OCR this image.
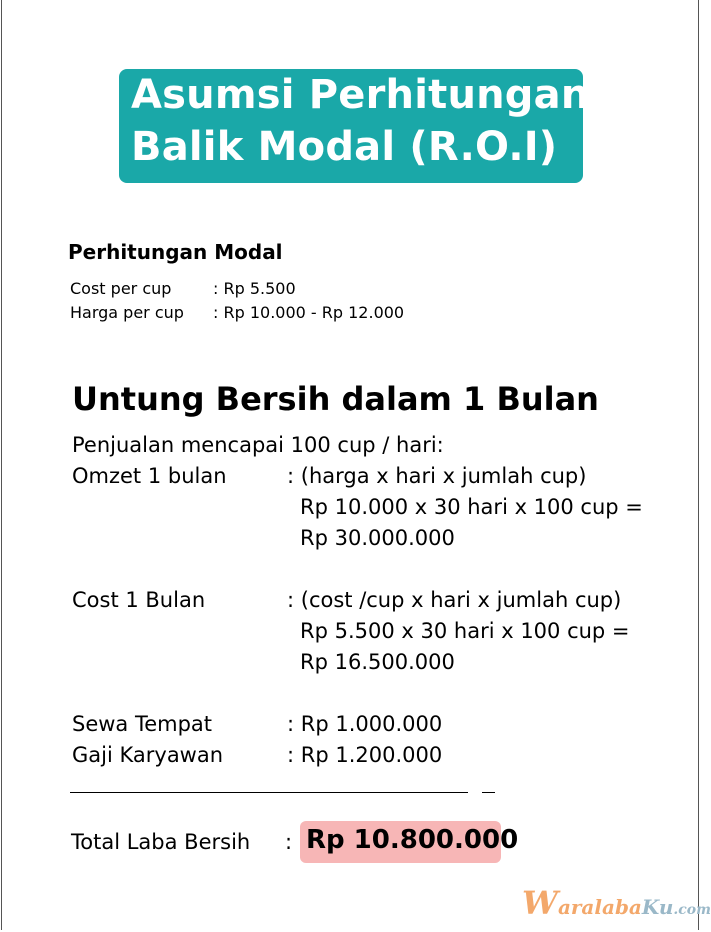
Asumsi Perhitungan
Balik Modal (R.O.I)
Perhitungan Modal
Cost per cup	: Rp 5.500
Harga per cup : Rp 10.000 - Rp 12.000
Untung Bersih dalam 1 Bulan
Penjualan mencapai 100 cup / hari:
Omzet 1 bulan	: (harga x hari x jumlah cup)
Rp 10.000 x 30 hari x 100 cup =
Rp 30.000.000
Cost 1 Bulan	: (cost /cup x hari x jumlah cup)
Rp 5.500 x 30 hari x 100 cup =
Rp 16.500.000
Sewa Tempat	: Rp 1.000.000
Gaji Karyawan	: Rp 1.200.000
Total Laba Bersih : Rp 10.800.000
WaralabaKu.com
